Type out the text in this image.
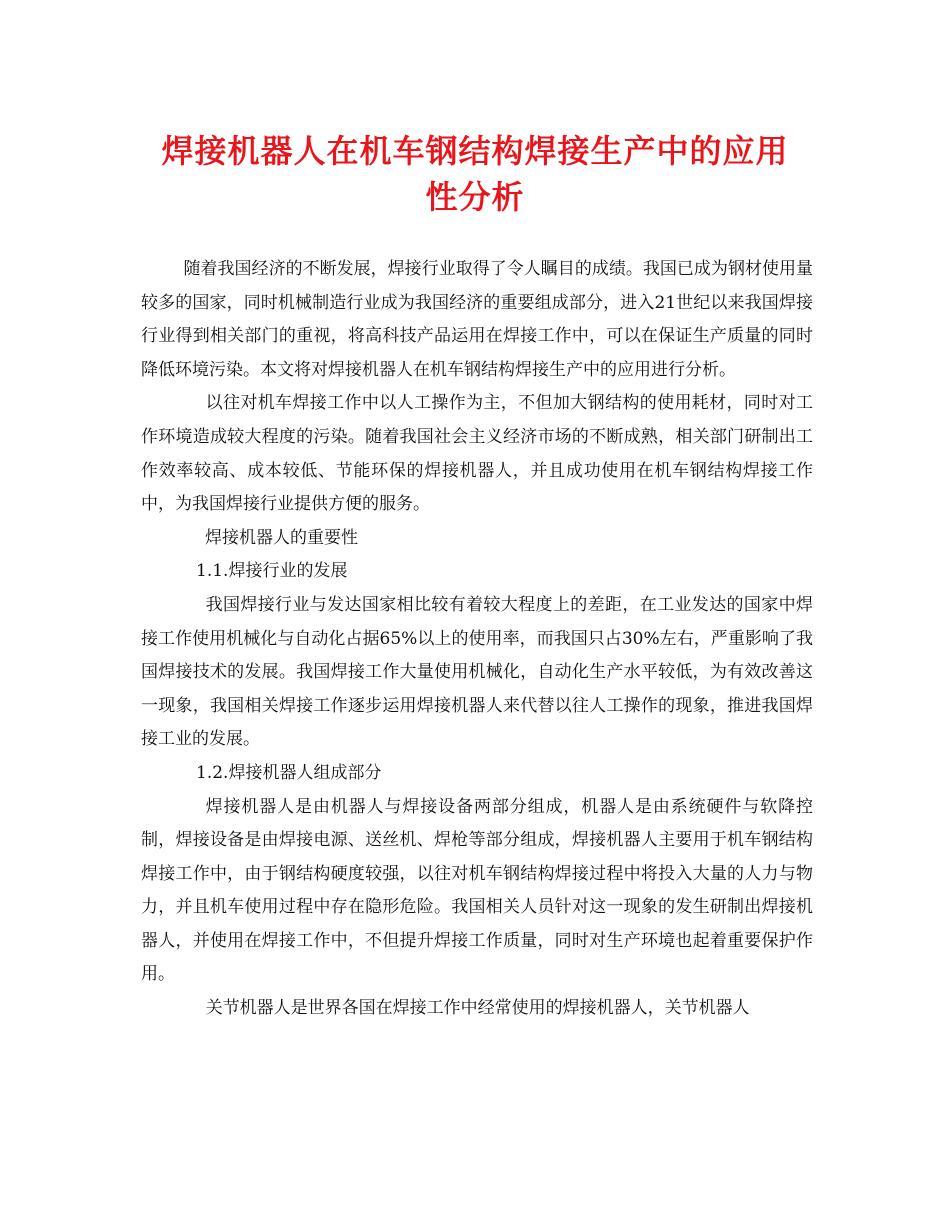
焊接机器人在机车钢结构焊接生产中的应用
性分析

随着我国经济的不断发展，焊接行业取得了令人瞩目的成绩。我国已成为钢材使用量较多的国家，同时机械制造行业成为我国经济的重要组成部分，进入21世纪以来我国焊接行业得到相关部门的重视，将高科技产品运用在焊接工作中，可以在保证生产质量的同时降低环境污染。本文将对焊接机器人在机车钢结构焊接生产中的应用进行分析。

以往对机车焊接工作中以人工操作为主，不但加大钢结构的使用耗材，同时对工作环境造成较大程度的污染。随着我国社会主义经济市场的不断成熟，相关部门研制出工作效率较高、成本较低、节能环保的焊接机器人，并且成功使用在机车钢结构焊接工作中，为我国焊接行业提供方便的服务。

焊接机器人的重要性

1.1.焊接行业的发展

我国焊接行业与发达国家相比较有着较大程度上的差距，在工业发达的国家中焊接工作使用机械化与自动化占据65%以上的使用率，而我国只占30%左右，严重影响了我国焊接技术的发展。我国焊接工作大量使用机械化，自动化生产水平较低，为有效改善这一现象，我国相关焊接工作逐步运用焊接机器人来代替以往人工操作的现象，推进我国焊接工业的发展。

1.2.焊接机器人组成部分

焊接机器人是由机器人与焊接设备两部分组成，机器人是由系统硬件与软降控制，焊接设备是由焊接电源、送丝机、焊枪等部分组成，焊接机器人主要用于机车钢结构焊接工作中，由于钢结构硬度较强，以往对机车钢结构焊接过程中将投入大量的人力与物力，并且机车使用过程中存在隐形危险。我国相关人员针对这一现象的发生研制出焊接机器人，并使用在焊接工作中，不但提升焊接工作质量，同时对生产环境也起着重要保护作用。

关节机器人是世界各国在焊接工作中经常使用的焊接机器人，关节机器人
